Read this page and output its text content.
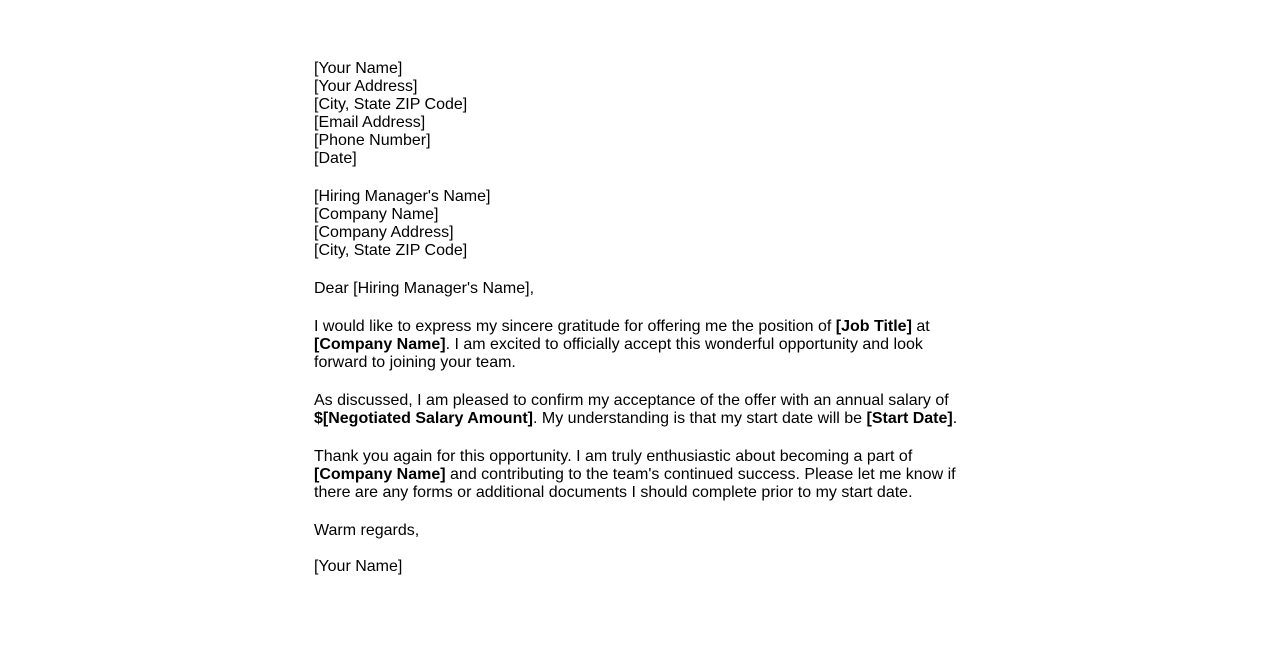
[Your Name]
[Your Address]
[City, State ZIP Code]
[Email Address]
[Phone Number]
[Date]
[Hiring Manager's Name]
[Company Name]
[Company Address]
[City, State ZIP Code]

Dear [Hiring Manager's Name],

I would like to express my sincere gratitude for offering me the position of [Job Title] at
[Company Name]. I am excited to officially accept this wonderful opportunity and look forward to joining your team.

As discussed, I am pleased to confirm my acceptance of the offer with an annual salary of
$[Negotiated Salary Amount]. My understanding is that my start date will be [Start Date].

Thank you again for this opportunity. I am truly enthusiastic about becoming a part of
[Company Name] and contributing to the team's continued success. Please let me know if there are any forms or additional documents I should complete prior to my start date.

Warm regards,

[Your Name]
